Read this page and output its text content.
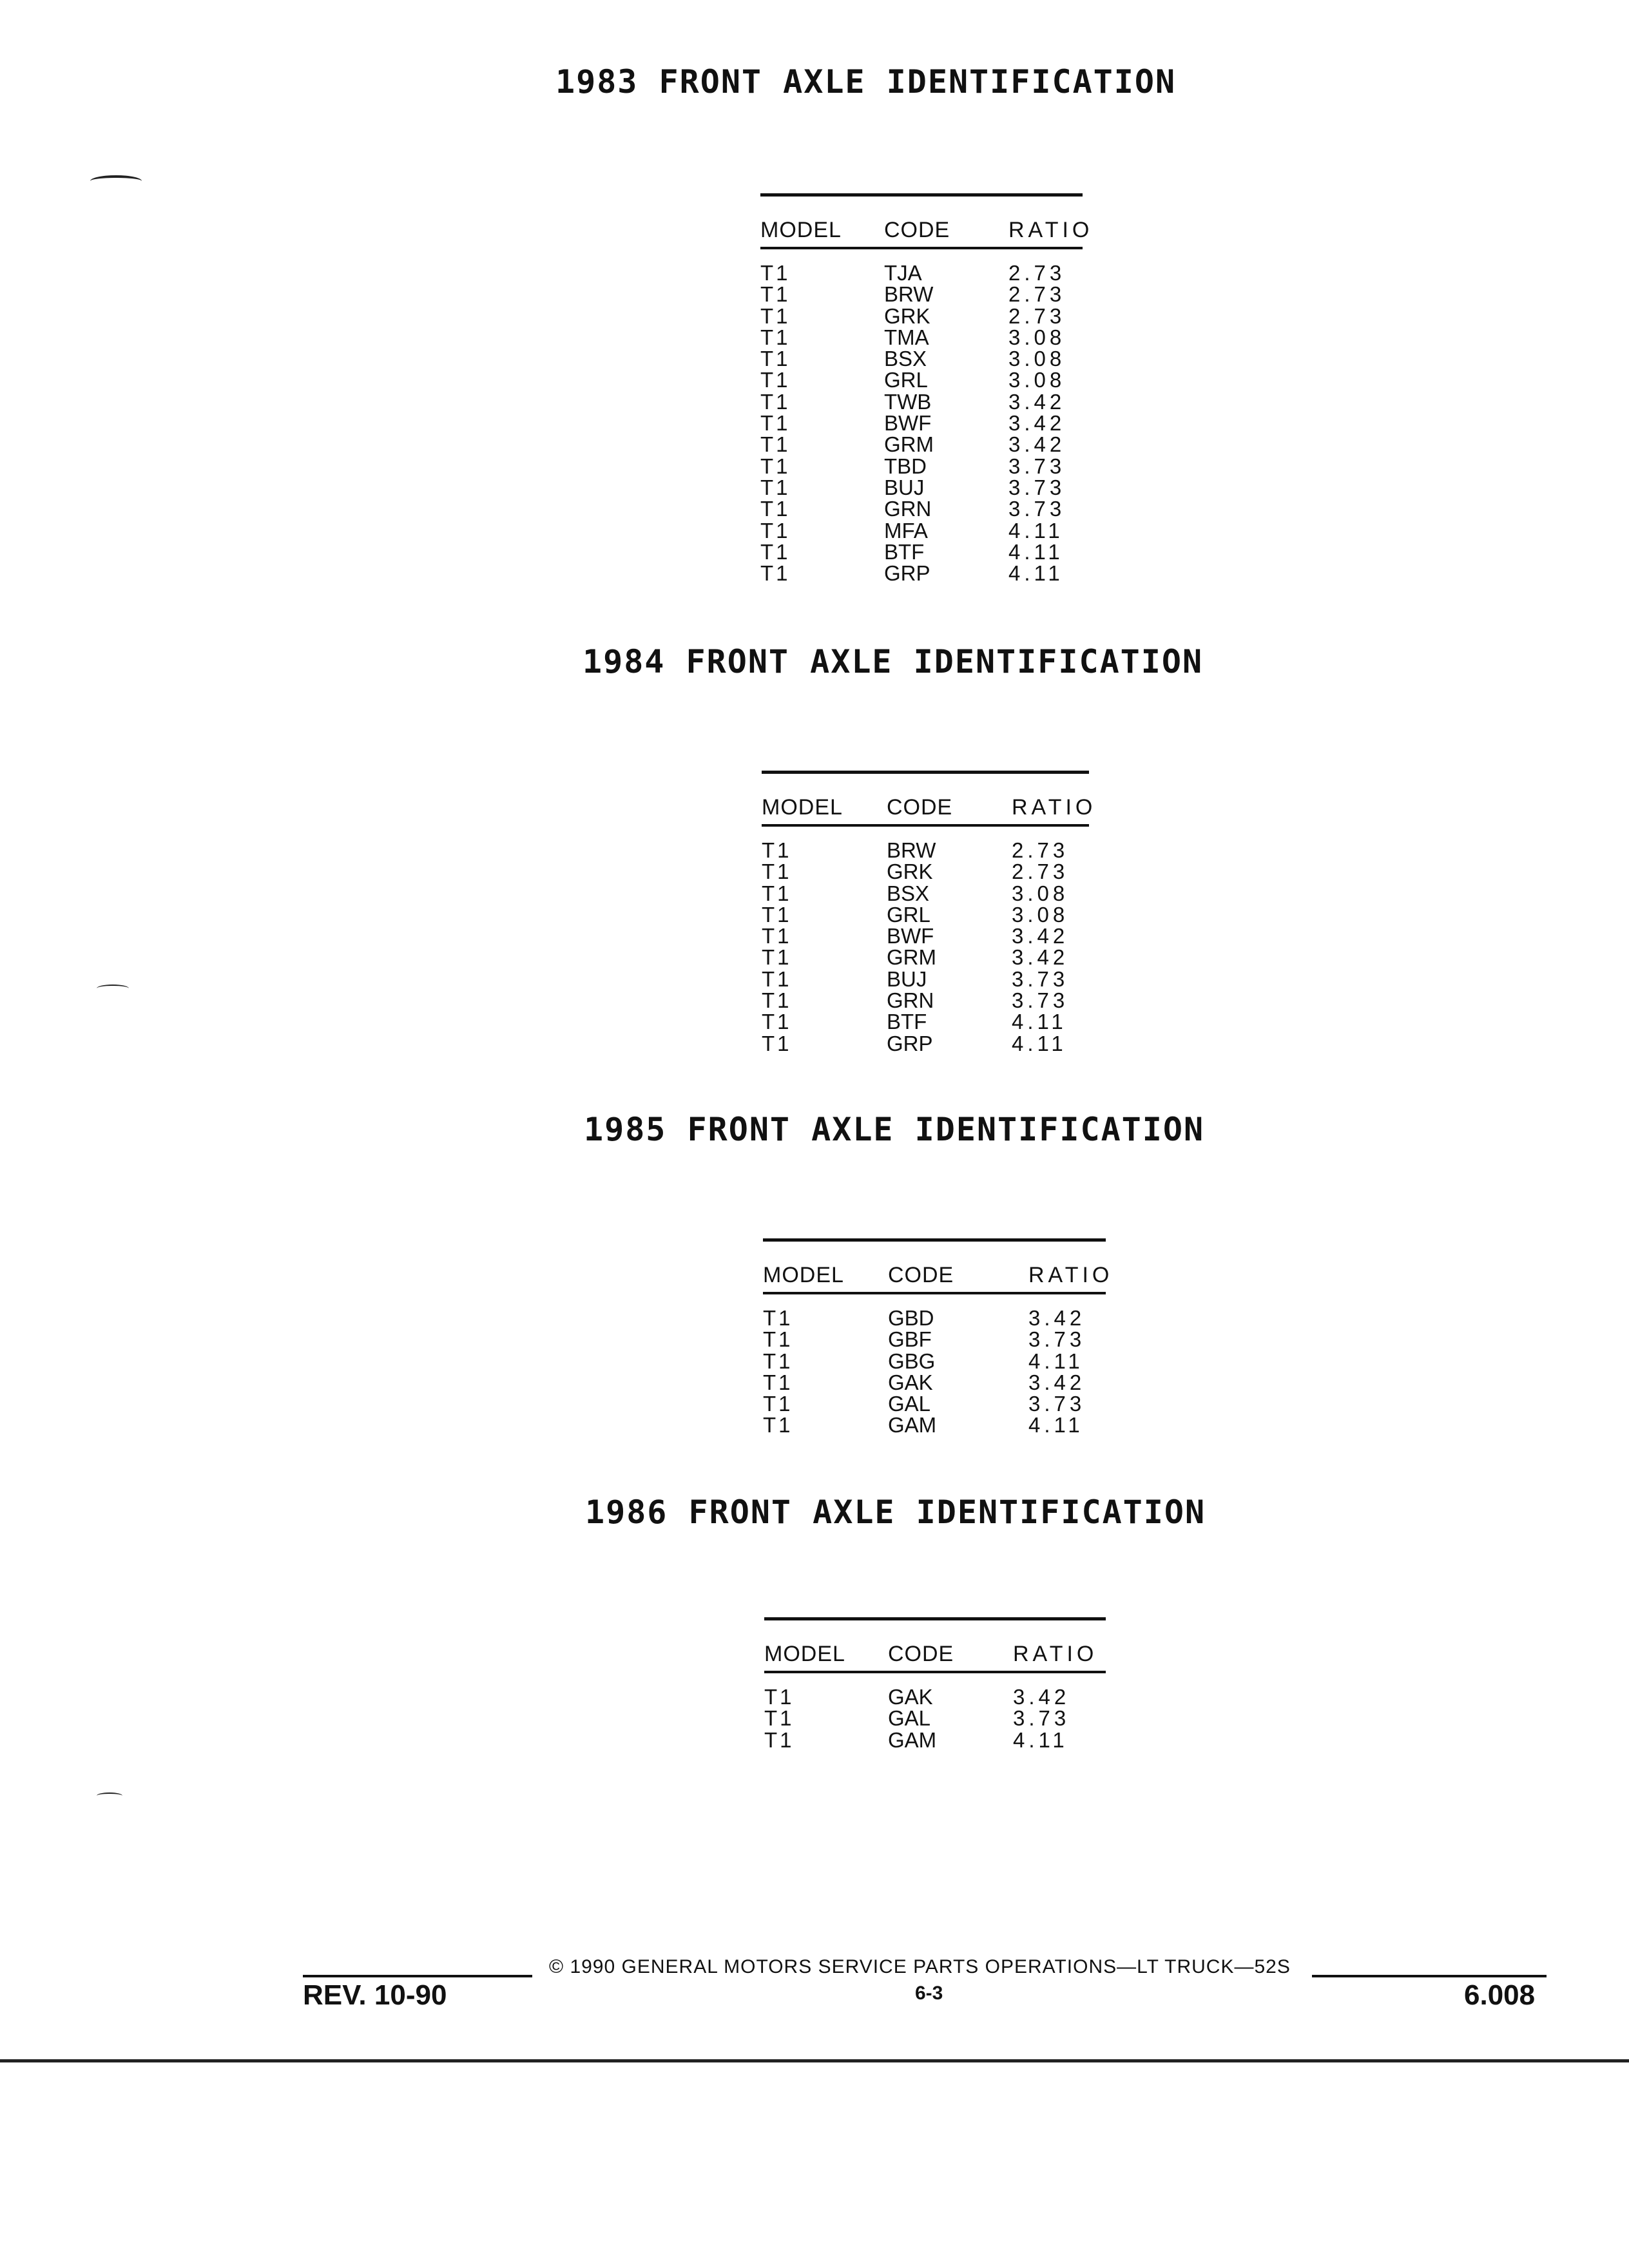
1983 FRONT AXLE IDENTIFICATION
MODEL CODE	RATIO
T1	TJA	2.73
T1	BRW	2.73
T1	GRK	2.73
T1	TMA	3.08
T1	BSX	3.08
T1	GRL	3.08
T1	TWB	3.42
T1	BWF	3.42
T1	GRM	3.42
T1	TBD	3.73
T1	BUJ	3.73
T1	GRN	3.73
T1	MFA	4.11
T1	BTF	4.11
T1	GRP	4.11
1984 FRONT AXLE IDENTIFICATION
MODEL CODE	RATIO
T1	BRW	2.73
T1	GRK	2.73
T1	BSX	3.08
T1	GRL	3.08
T1	BWF	3.42
T1	GRM	3.42
T1	BUJ	3.73
T1	GRN	3.73
T1	BTF	4.11
T1	GRP	4.11
1985 FRONT AXLE IDENTIFICATION
MODEL CODE	RATIO
T1	GBD	3.42
T1	GBF	3.73
T1	GBG	4.11
T1	GAK	3.42
T1	GAL	3.73
T1	GAM	4.11
1986 FRONT AXLE IDENTIFICATION
MODEL CODE	RATIO
T1	GAK	3.42
T1	GAL	3.73
T1	GAM	4.11
© 1990 GENERAL MOTORS SERVICE PARTS OPERATIONS—LT TRUCK—52S
6-3
REV. 10-90	6.008
